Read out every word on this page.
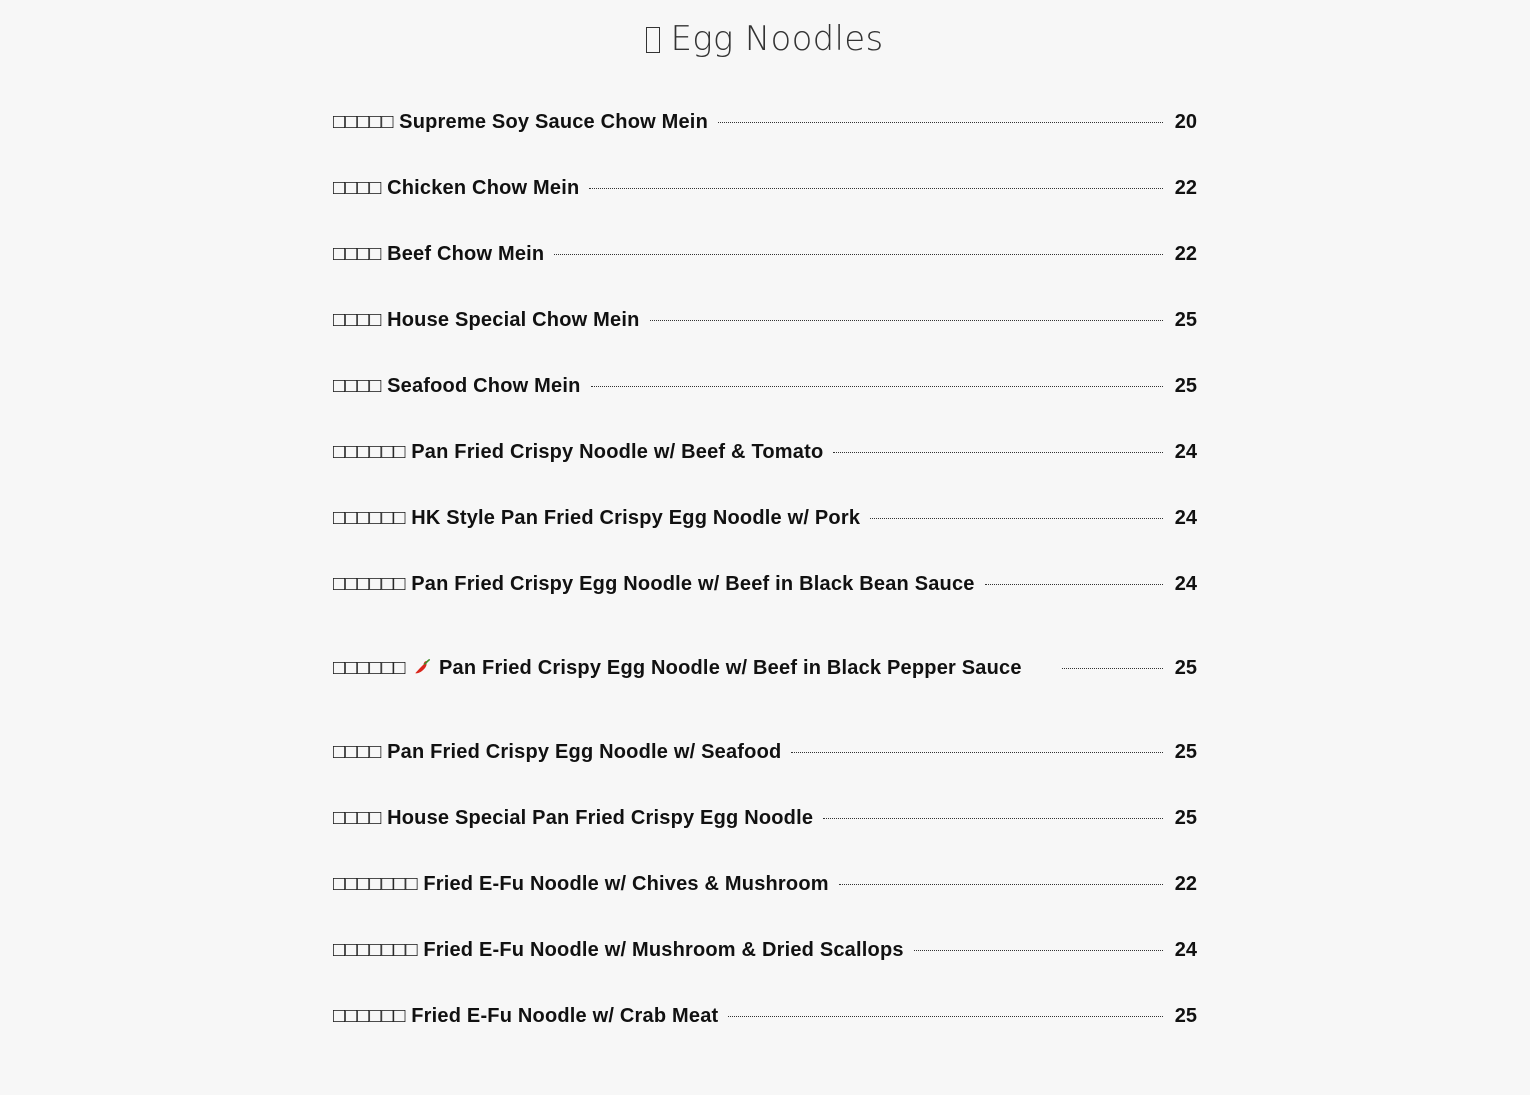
Egg Noodles
□□□□□ Supreme Soy Sauce Chow Mein	20
□□□□ Chicken Chow Mein	22
□□□□ Beef Chow Mein	22
□□□□ House Special Chow Mein	25
□□□□ Seafood Chow Mein	25
□□□□□□ Pan Fried Crispy Noodle w/ Beef & Tomato	24
□□□□□□ HK Style Pan Fried Crispy Egg Noodle w/ Pork	24
□□□□□□ Pan Fried Crispy Egg Noodle w/ Beef in Black Bean Sauce	24
□□□□□□ Pan Fried Crispy Egg Noodle w/ Beef in Black Pepper Sauce	25
□□□□ Pan Fried Crispy Egg Noodle w/ Seafood	25
□□□□ House Special Pan Fried Crispy Egg Noodle	25
□□□□□□□ Fried E-Fu Noodle w/ Chives & Mushroom	22
□□□□□□□ Fried E-Fu Noodle w/ Mushroom & Dried Scallops	24
□□□□□□ Fried E-Fu Noodle w/ Crab Meat	25
